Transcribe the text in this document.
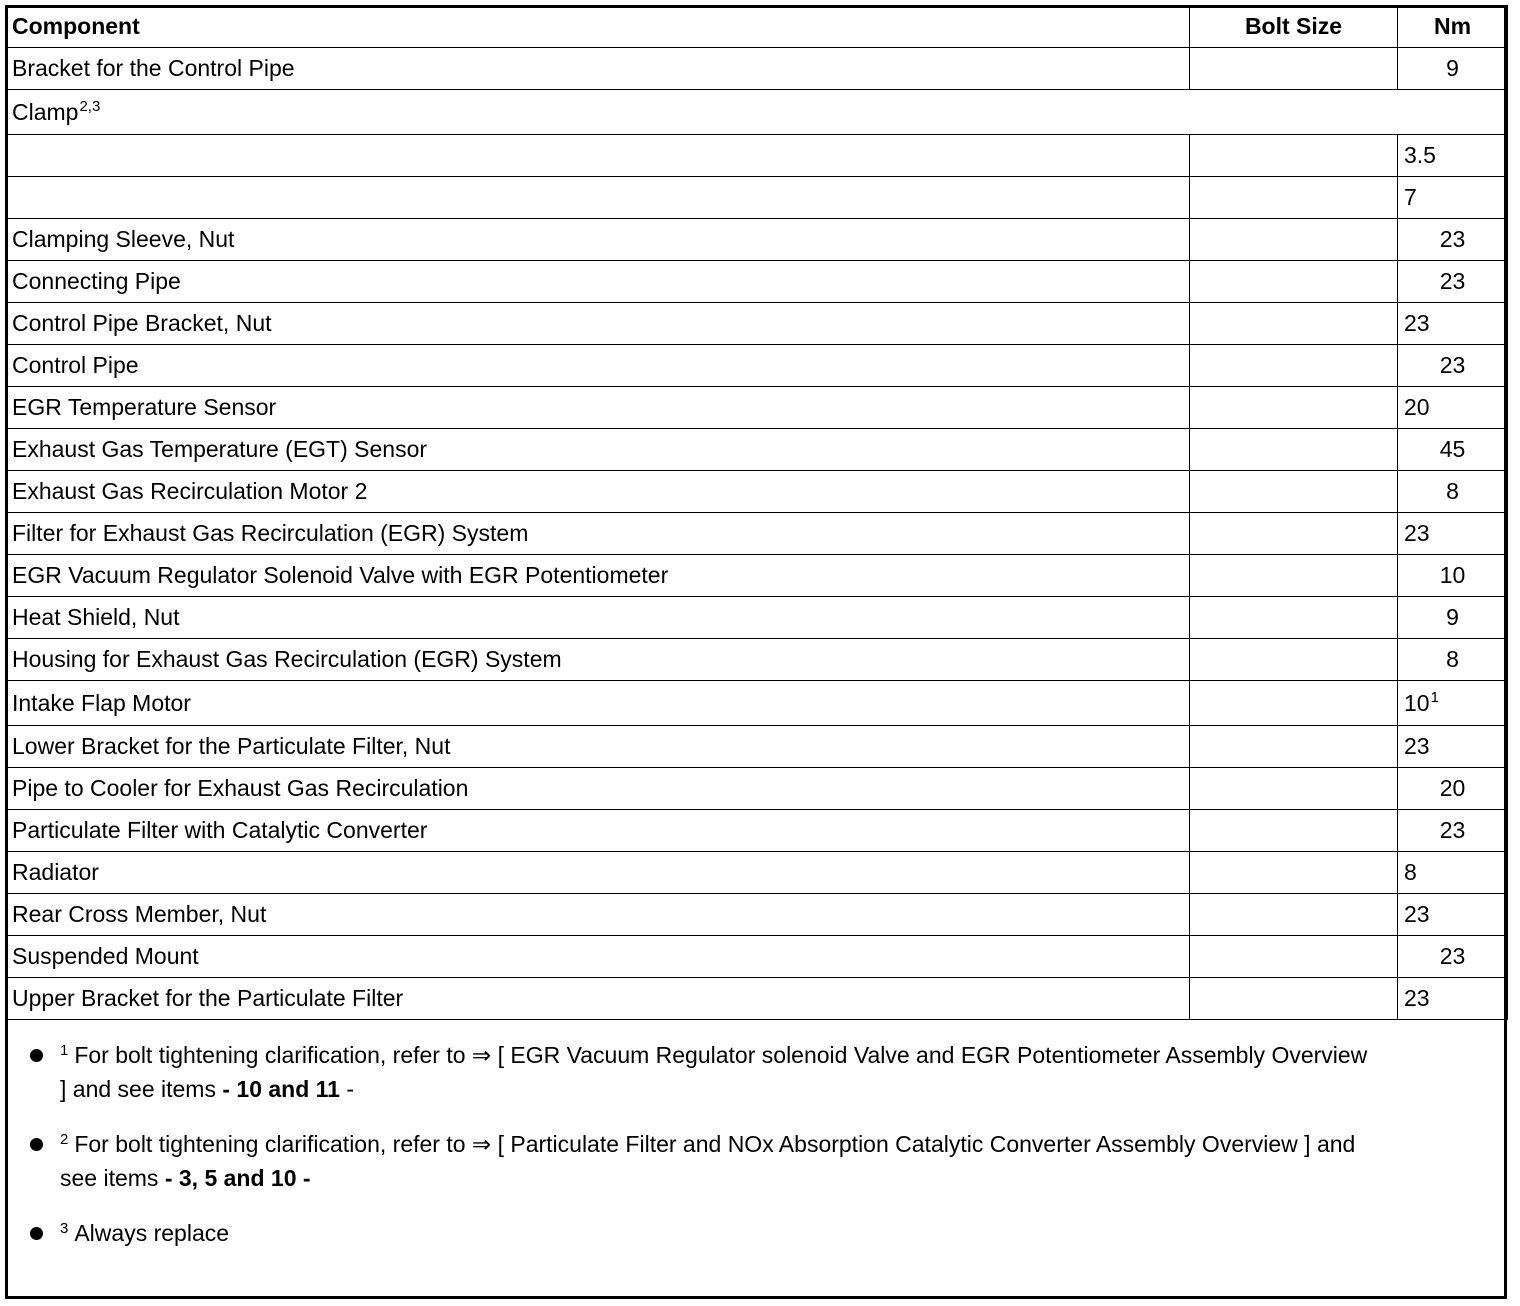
Component	Bolt Size	Nm
Bracket for the Control Pipe		9
Clamp$^{2,3}$
		3.5
		7
Clamping Sleeve, Nut		23
Connecting Pipe		23
Control Pipe Bracket, Nut		23
Control Pipe		23
EGR Temperature Sensor		20
Exhaust Gas Temperature (EGT) Sensor		45
Exhaust Gas Recirculation Motor 2		8
Filter for Exhaust Gas Recirculation (EGR) System		23
EGR Vacuum Regulator Solenoid Valve with EGR Potentiometer		10
Heat Shield, Nut		9
Housing for Exhaust Gas Recirculation (EGR) System		8
Intake Flap Motor		$10^1$
Lower Bracket for the Particulate Filter, Nut		23
Pipe to Cooler for Exhaust Gas Recirculation		20
Particulate Filter with Catalytic Converter		23
Radiator		8
Rear Cross Member, Nut		23
Suspended Mount		23
Upper Bracket for the Particulate Filter		23
$^1$ For bolt tightening clarification, refer to ⇒ [ EGR Vacuum Regulator solenoid Valve and EGR Potentiometer Assembly Overview
] and see items - 10 and 11 -
$^2$ For bolt tightening clarification, refer to ⇒ [ Particulate Filter and NOx Absorption Catalytic Converter Assembly Overview ] and
see items - 3, 5 and 10 -
$^3$ Always replace
